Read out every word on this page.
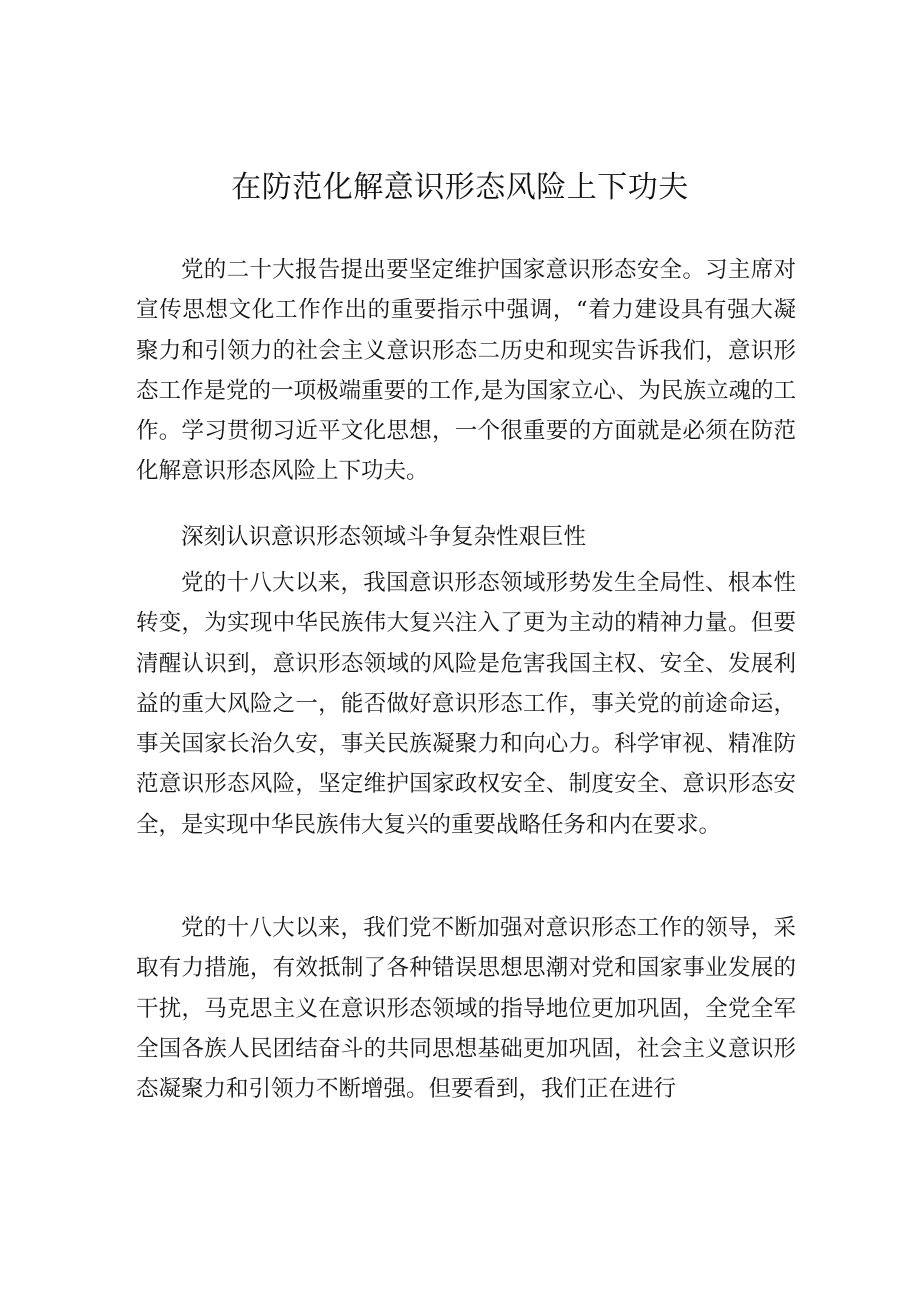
在防范化解意识形态风险上下功夫

党的二十大报告提出要坚定维护国家意识形态安全。习主席对宣传思想文化工作作出的重要指示中强调，“着力建设具有强大凝聚力和引领力的社会主义意识形态二历史和现实告诉我们，意识形态工作是党的一项极端重要的工作,是为国家立心、为民族立魂的工作。学习贯彻习近平文化思想，一个很重要的方面就是必须在防范化解意识形态风险上下功夫。

深刻认识意识形态领域斗争复杂性艰巨性

党的十八大以来，我国意识形态领域形势发生全局性、根本性转变，为实现中华民族伟大复兴注入了更为主动的精神力量。但要清醒认识到，意识形态领域的风险是危害我国主权、安全、发展利益的重大风险之一，能否做好意识形态工作，事关党的前途命运，事关国家长治久安，事关民族凝聚力和向心力。科学审视、精准防范意识形态风险，坚定维护国家政权安全、制度安全、意识形态安全，是实现中华民族伟大复兴的重要战略任务和内在要求。

党的十八大以来，我们党不断加强对意识形态工作的领导，采取有力措施，有效抵制了各种错误思想思潮对党和国家事业发展的干扰，马克思主义在意识形态领域的指导地位更加巩固，全党全军全国各族人民团结奋斗的共同思想基础更加巩固，社会主义意识形态凝聚力和引领力不断增强。但要看到，我们正在进行
